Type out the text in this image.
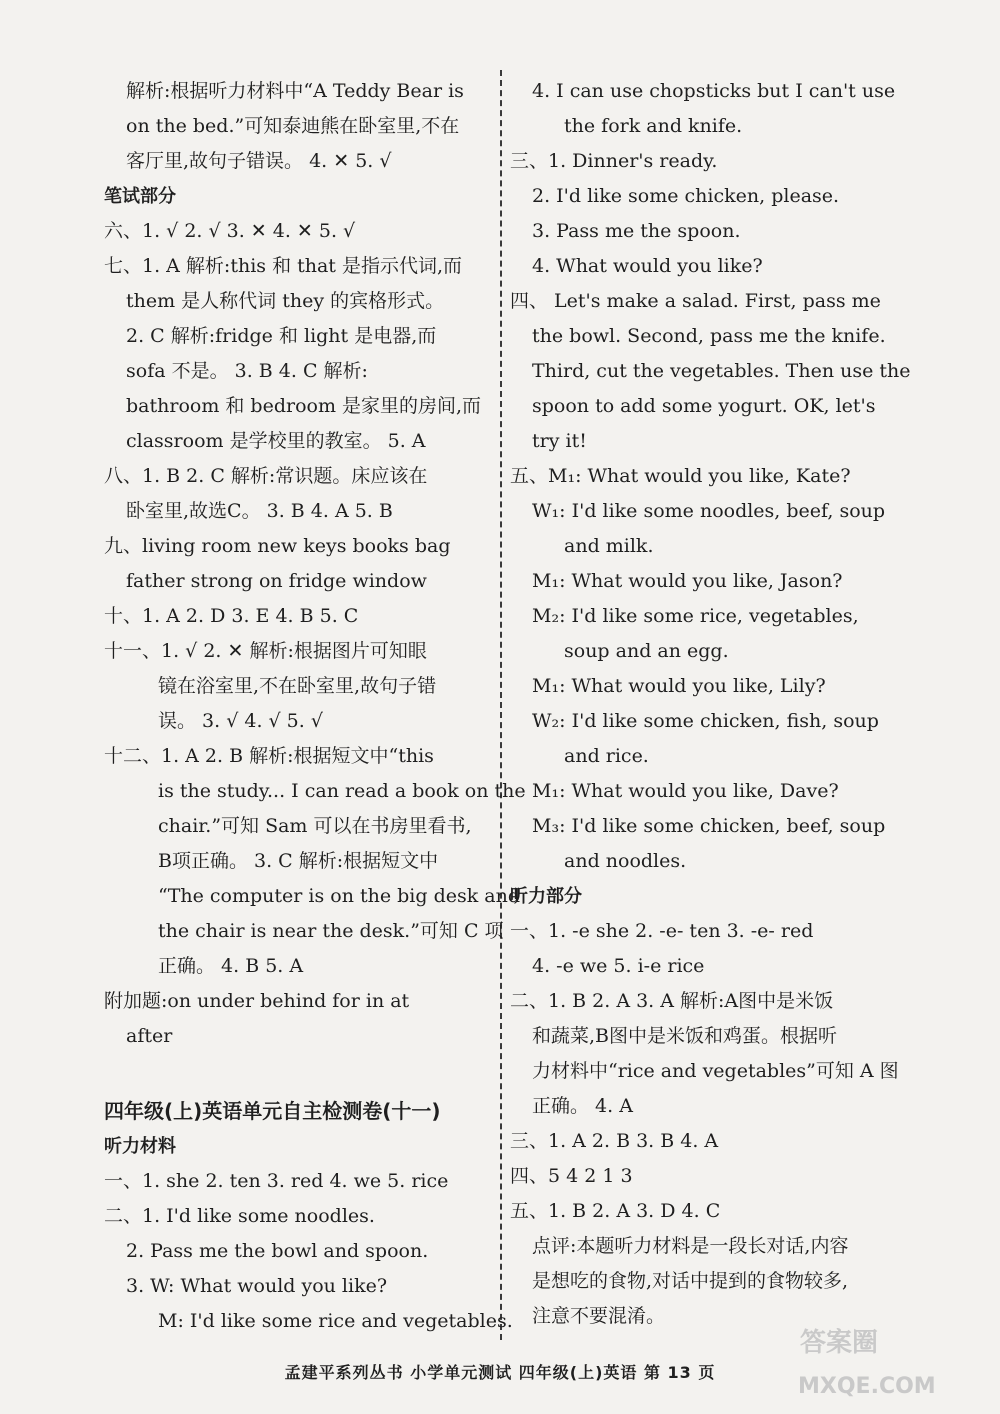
解析:根据听力材料中“A Teddy Bear is
on the bed.”可知泰迪熊在卧室里,不在
客厅里,故句子错误。 4. ✕ 5. √
笔试部分
六、1. √ 2. √ 3. ✕ 4. ✕ 5. √
七、1. A 解析:this 和 that 是指示代词,而
them 是人称代词 they 的宾格形式。
2. C 解析:fridge 和 light 是电器,而
sofa 不是。 3. B 4. C 解析:
bathroom 和 bedroom 是家里的房间,而
classroom 是学校里的教室。 5. A
八、1. B 2. C 解析:常识题。床应该在
卧室里,故选C。 3. B 4. A 5. B
九、living room new keys books bag
father strong on fridge window
十、1. A 2. D 3. E 4. B 5. C
十一、1. √ 2. ✕ 解析:根据图片可知眼
镜在浴室里,不在卧室里,故句子错
误。 3. √ 4. √ 5. √
十二、1. A 2. B 解析:根据短文中“this
is the study... I can read a book on the
chair.”可知 Sam 可以在书房里看书,
B项正确。 3. C 解析:根据短文中
“The computer is on the big desk and
the chair is near the desk.”可知 C 项
正确。 4. B 5. A
附加题:on under behind for in at
after
四年级(上)英语单元自主检测卷(十一)
听力材料
一、1. she 2. ten 3. red 4. we 5. rice
二、1. I'd like some noodles.
2. Pass me the bowl and spoon.
3. W: What would you like?
M: I'd like some rice and vegetables.
4. I can use chopsticks but I can't use
the fork and knife.
三、1. Dinner's ready.
2. I'd like some chicken, please.
3. Pass me the spoon.
4. What would you like?
四、 Let's make a salad. First, pass me
the bowl. Second, pass me the knife.
Third, cut the vegetables. Then use the
spoon to add some yogurt. OK, let's
try it!
五、M₁: What would you like, Kate?
W₁: I'd like some noodles, beef, soup
and milk.
M₁: What would you like, Jason?
M₂: I'd like some rice, vegetables,
soup and an egg.
M₁: What would you like, Lily?
W₂: I'd like some chicken, fish, soup
and rice.
M₁: What would you like, Dave?
M₃: I'd like some chicken, beef, soup
and noodles.
听力部分
一、1. -e she 2. -e- ten 3. -e- red
4. -e we 5. i-e rice
二、1. B 2. A 3. A 解析:A图中是米饭
和蔬菜,B图中是米饭和鸡蛋。根据听
力材料中“rice and vegetables”可知 A 图
正确。 4. A
三、1. A 2. B 3. B 4. A
四、5 4 2 1 3
五、1. B 2. A 3. D 4. C
点评:本题听力材料是一段长对话,内容
是想吃的食物,对话中提到的食物较多,
注意不要混淆。
孟建平系列丛书 小学单元测试 四年级(上)英语 第 13 页
答案圈
MXQE.COM
